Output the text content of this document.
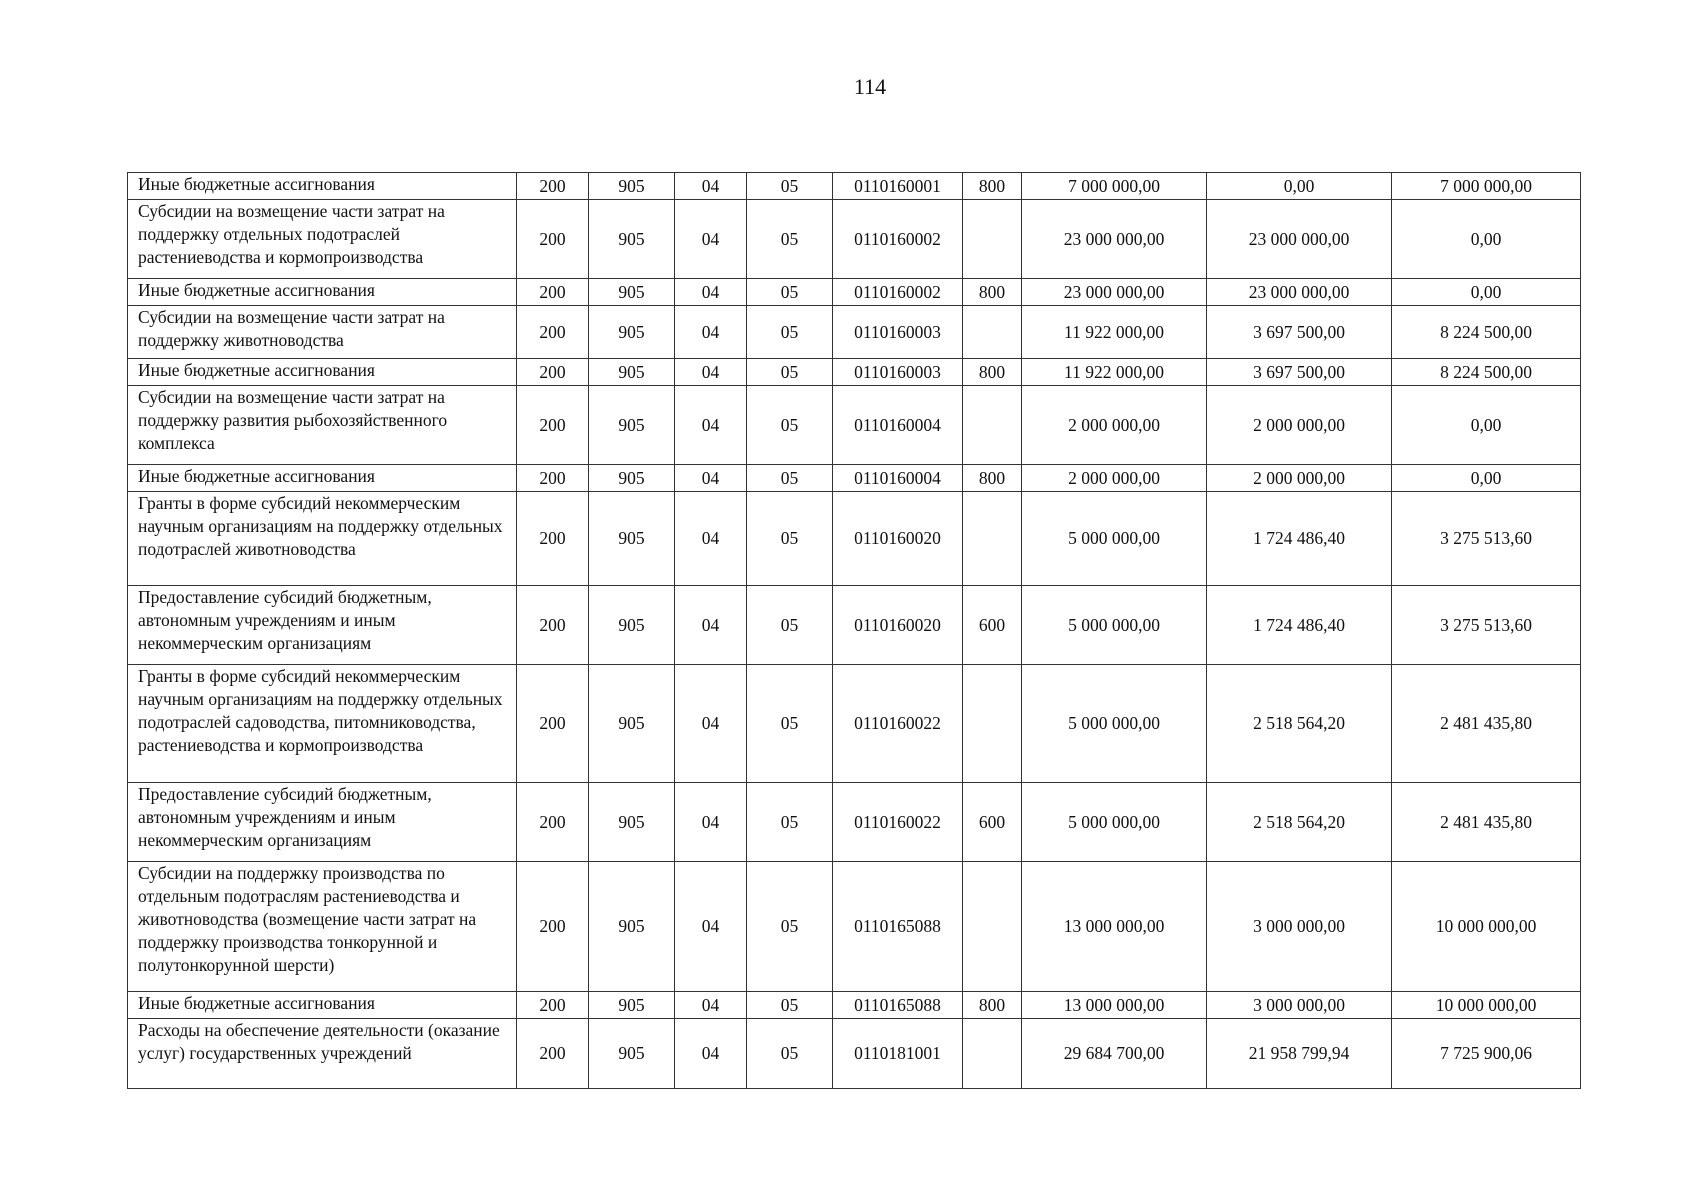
114
Иные бюджетные ассигнования	200	905	04	05	0110160001	800	7 000 000,00	0,00	7 000 000,00
Субсидии на возмещение части затрат на поддержку отдельных подотраслей растениеводства и кормопроизводства	200	905	04	05	0110160002		23 000 000,00	23 000 000,00	0,00
Иные бюджетные ассигнования	200	905	04	05	0110160002	800	23 000 000,00	23 000 000,00	0,00
Субсидии на возмещение части затрат на поддержку животноводства	200	905	04	05	0110160003		11 922 000,00	3 697 500,00	8 224 500,00
Иные бюджетные ассигнования	200	905	04	05	0110160003	800	11 922 000,00	3 697 500,00	8 224 500,00
Субсидии на возмещение части затрат на поддержку развития рыбохозяйственного комплекса	200	905	04	05	0110160004		2 000 000,00	2 000 000,00	0,00
Иные бюджетные ассигнования	200	905	04	05	0110160004	800	2 000 000,00	2 000 000,00	0,00
Гранты в форме субсидий некоммерческим научным организациям на поддержку отдельных подотраслей животноводства	200	905	04	05	0110160020		5 000 000,00	1 724 486,40	3 275 513,60
Предоставление субсидий бюджетным, автономным учреждениям и иным некоммерческим организациям	200	905	04	05	0110160020	600	5 000 000,00	1 724 486,40	3 275 513,60
Гранты в форме субсидий некоммерческим научным организациям на поддержку отдельных подотраслей садоводства, питомниководства, растениеводства и кормопроизводства	200	905	04	05	0110160022		5 000 000,00	2 518 564,20	2 481 435,80
Предоставление субсидий бюджетным, автономным учреждениям и иным некоммерческим организациям	200	905	04	05	0110160022	600	5 000 000,00	2 518 564,20	2 481 435,80
Субсидии на поддержку производства по отдельным подотраслям растениеводства и животноводства (возмещение части затрат на поддержку производства тонкорунной и полутонкорунной шерсти)	200	905	04	05	0110165088		13 000 000,00	3 000 000,00	10 000 000,00
Иные бюджетные ассигнования	200	905	04	05	0110165088	800	13 000 000,00	3 000 000,00	10 000 000,00
Расходы на обеспечение деятельности (оказание услуг) государственных учреждений	200	905	04	05	0110181001		29 684 700,00	21 958 799,94	7 725 900,06
